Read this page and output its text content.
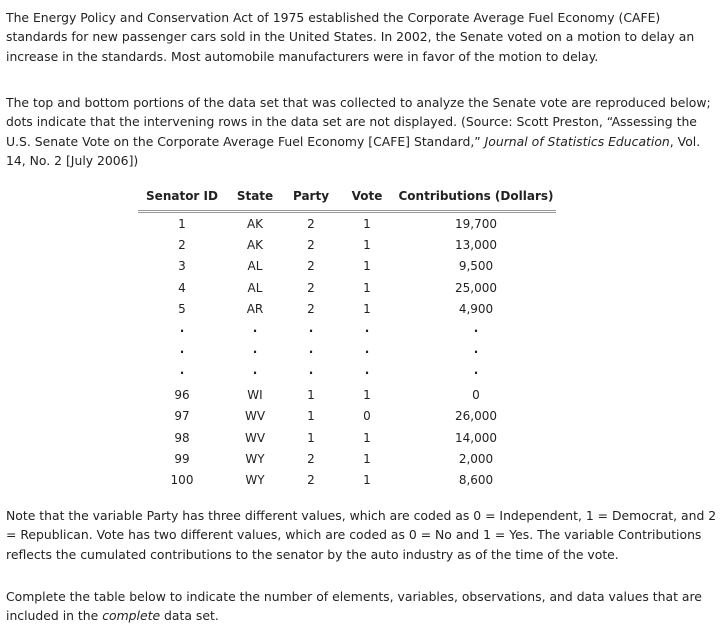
The Energy Policy and Conservation Act of 1975 established the Corporate Average Fuel Economy (CAFE) standards for new passenger cars sold in the United States. In 2002, the Senate voted on a motion to delay an increase in the standards. Most automobile manufacturers were in favor of the motion to delay.

The top and bottom portions of the data set that was collected to analyze the Senate vote are reproduced below; dots indicate that the intervening rows in the data set are not displayed. (Source: Scott Preston, “Assessing the U.S. Senate Vote on the Corporate Average Fuel Economy [CAFE] Standard,” Journal of Statistics Education, Vol. 14, No. 2 [July 2006])

Senator ID	State	Party	Vote	Contributions (Dollars)
1	AK	2	1	19,700
2	AK	2	1	13,000
3	AL	2	1	9,500
4	AL	2	1	25,000
5	AR	2	1	4,900
·	·	·	·	·
·	·	·	·	·
·	·	·	·	·
96	WI	1	1	0
97	WV	1	0	26,000
98	WV	1	1	14,000
99	WY	2	1	2,000
100	WY	2	1	8,600

Note that the variable Party has three different values, which are coded as 0 = Independent, 1 = Democrat, and 2 = Republican. Vote has two different values, which are coded as 0 = No and 1 = Yes. The variable Contributions reflects the cumulated contributions to the senator by the auto industry as of the time of the vote.

Complete the table below to indicate the number of elements, variables, observations, and data values that are included in the complete data set.
